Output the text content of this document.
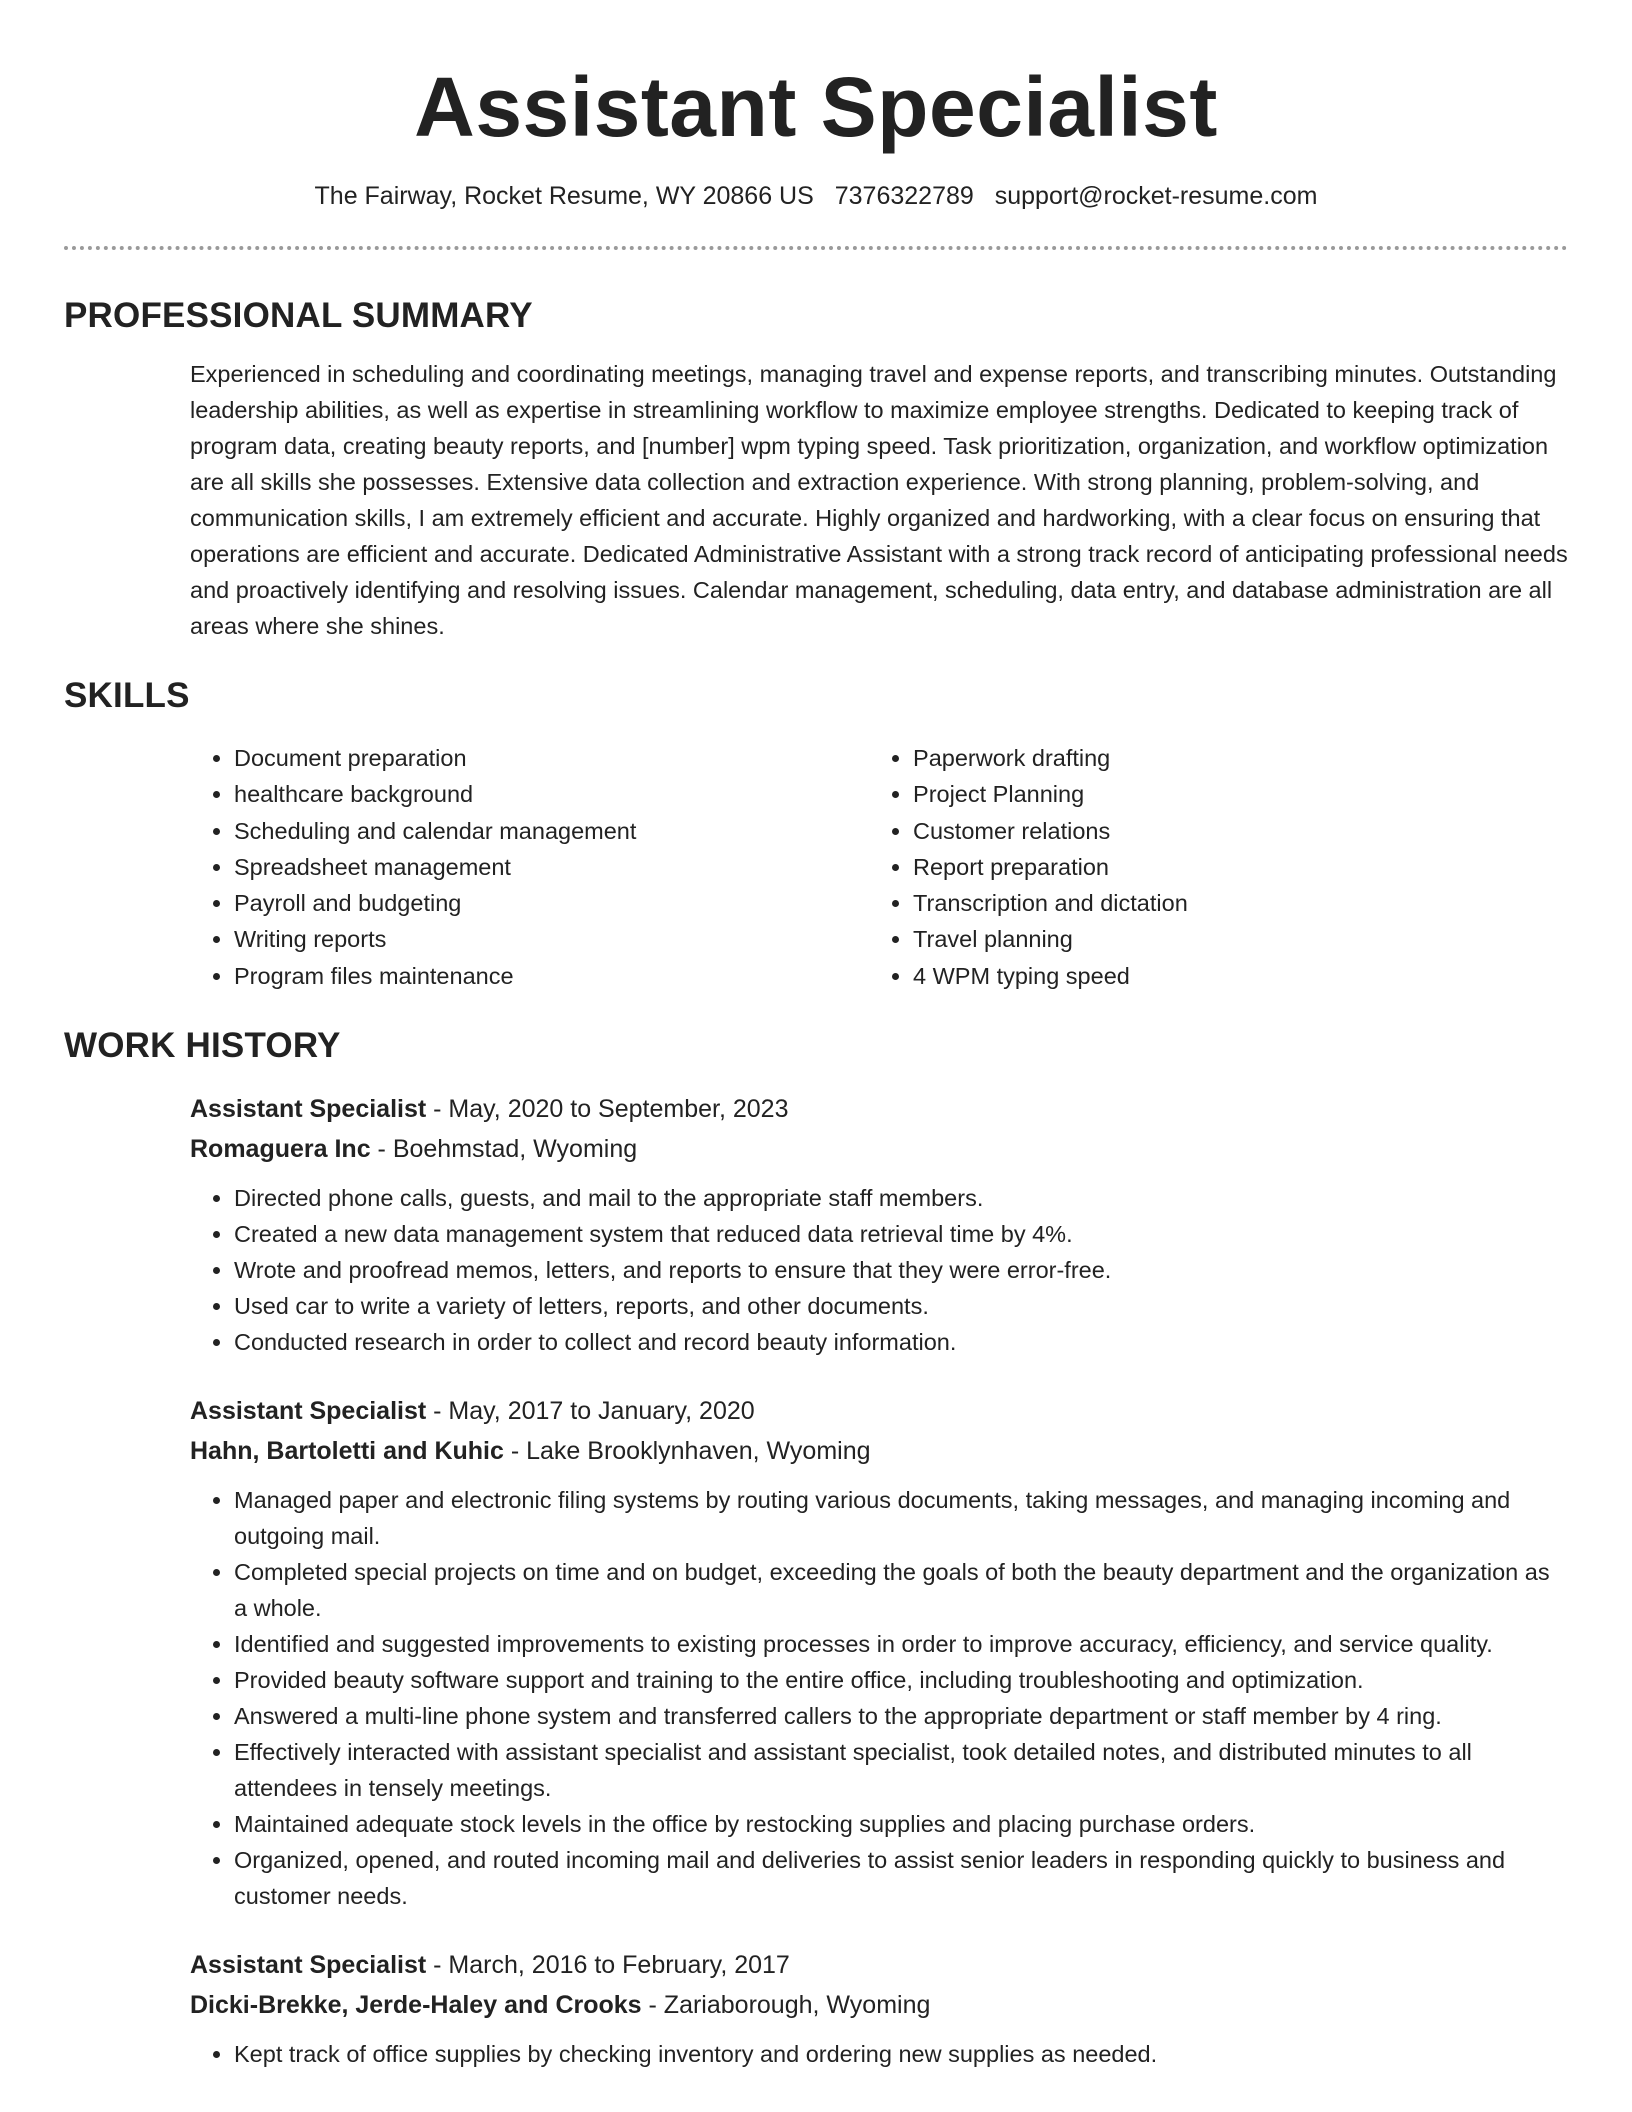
Assistant Specialist
The Fairway, Rocket Resume, WY 20866 US 7376322789 support@rocket-resume.com
PROFESSIONAL SUMMARY
Experienced in scheduling and coordinating meetings, managing travel and expense reports, and transcribing minutes. Outstanding leadership abilities, as well as expertise in streamlining workflow to maximize employee strengths. Dedicated to keeping track of program data, creating beauty reports, and [number] wpm typing speed. Task prioritization, organization, and workflow optimization are all skills she possesses. Extensive data collection and extraction experience. With strong planning, problem-solving, and communication skills, I am extremely efficient and accurate. Highly organized and hardworking, with a clear focus on ensuring that operations are efficient and accurate. Dedicated Administrative Assistant with a strong track record of anticipating professional needs and proactively identifying and resolving issues. Calendar management, scheduling, data entry, and database administration are all areas where she shines.
SKILLS
• Document preparation
• healthcare background
• Scheduling and calendar management
• Spreadsheet management
• Payroll and budgeting
• Writing reports
• Program files maintenance
• Paperwork drafting
• Project Planning
• Customer relations
• Report preparation
• Transcription and dictation
• Travel planning
• 4 WPM typing speed
WORK HISTORY
Assistant Specialist - May, 2020 to September, 2023
Romaguera Inc - Boehmstad, Wyoming
• Directed phone calls, guests, and mail to the appropriate staff members.
• Created a new data management system that reduced data retrieval time by 4%.
• Wrote and proofread memos, letters, and reports to ensure that they were error-free.
• Used car to write a variety of letters, reports, and other documents.
• Conducted research in order to collect and record beauty information.
Assistant Specialist - May, 2017 to January, 2020
Hahn, Bartoletti and Kuhic - Lake Brooklynhaven, Wyoming
• Managed paper and electronic filing systems by routing various documents, taking messages, and managing incoming and outgoing mail.
• Completed special projects on time and on budget, exceeding the goals of both the beauty department and the organization as a whole.
• Identified and suggested improvements to existing processes in order to improve accuracy, efficiency, and service quality.
• Provided beauty software support and training to the entire office, including troubleshooting and optimization.
• Answered a multi-line phone system and transferred callers to the appropriate department or staff member by 4 ring.
• Effectively interacted with assistant specialist and assistant specialist, took detailed notes, and distributed minutes to all attendees in tensely meetings.
• Maintained adequate stock levels in the office by restocking supplies and placing purchase orders.
• Organized, opened, and routed incoming mail and deliveries to assist senior leaders in responding quickly to business and customer needs.
Assistant Specialist - March, 2016 to February, 2017
Dicki-Brekke, Jerde-Haley and Crooks - Zariaborough, Wyoming
• Kept track of office supplies by checking inventory and ordering new supplies as needed.
